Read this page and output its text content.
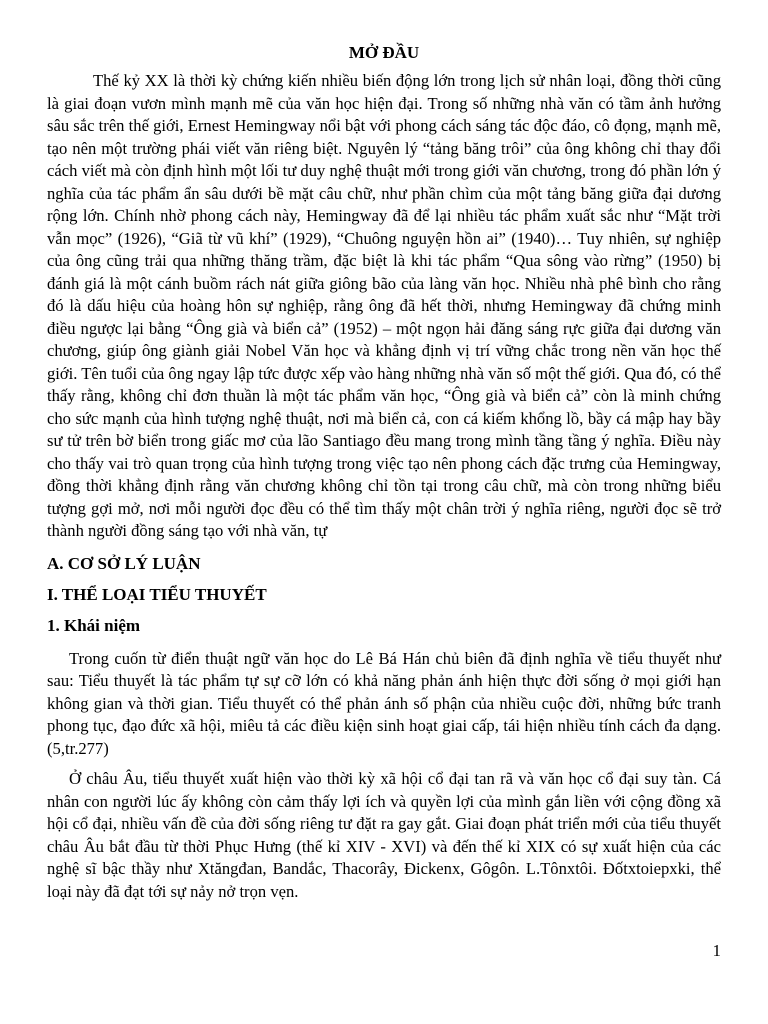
MỞ ĐẦU

Thế kỷ XX là thời kỳ chứng kiến nhiều biến động lớn trong lịch sử nhân loại, đồng thời cũng là giai đoạn vươn mình mạnh mẽ của văn học hiện đại. Trong số những nhà văn có tầm ảnh hưởng sâu sắc trên thế giới, Ernest Hemingway nổi bật với phong cách sáng tác độc đáo, cô đọng, mạnh mẽ, tạo nên một trường phái viết văn riêng biệt. Nguyên lý “tảng băng trôi” của ông không chỉ thay đổi cách viết mà còn định hình một lối tư duy nghệ thuật mới trong giới văn chương, trong đó phần lớn ý nghĩa của tác phẩm ẩn sâu dưới bề mặt câu chữ, như phần chìm của một tảng băng giữa đại dương rộng lớn. Chính nhờ phong cách này, Hemingway đã để lại nhiều tác phẩm xuất sắc như “Mặt trời vẫn mọc” (1926), “Giã từ vũ khí” (1929), “Chuông nguyện hồn ai” (1940)… Tuy nhiên, sự nghiệp của ông cũng trải qua những thăng trầm, đặc biệt là khi tác phẩm “Qua sông vào rừng” (1950) bị đánh giá là một cánh buồm rách nát giữa giông bão của làng văn học. Nhiều nhà phê bình cho rằng đó là dấu hiệu của hoàng hôn sự nghiệp, rằng ông đã hết thời, nhưng Hemingway đã chứng minh điều ngược lại bằng “Ông già và biển cả” (1952) – một ngọn hải đăng sáng rực giữa đại dương văn chương, giúp ông giành giải Nobel Văn học và khẳng định vị trí vững chắc trong nền văn học thế giới. Tên tuổi của ông ngay lập tức được xếp vào hàng những nhà văn số một thế giới. Qua đó, có thể thấy rằng, không chỉ đơn thuần là một tác phẩm văn học, “Ông già và biển cả” còn là minh chứng cho sức mạnh của hình tượng nghệ thuật, nơi mà biển cả, con cá kiếm khổng lồ, bầy cá mập hay bầy sư tử trên bờ biển trong giấc mơ của lão Santiago đều mang trong mình tầng tầng ý nghĩa. Điều này cho thấy vai trò quan trọng của hình tượng trong việc tạo nên phong cách đặc trưng của Hemingway, đồng thời khẳng định rằng văn chương không chỉ tồn tại trong câu chữ, mà còn trong những biểu tượng gợi mở, nơi mỗi người đọc đều có thể tìm thấy một chân trời ý nghĩa riêng, người đọc sẽ trở thành người đồng sáng tạo với nhà văn, tự

A. CƠ SỞ LÝ LUẬN
I. THỂ LOẠI TIỂU THUYẾT
1. Khái niệm

Trong cuốn từ điển thuật ngữ văn học do Lê Bá Hán chủ biên đã định nghĩa về tiểu thuyết như sau: Tiểu thuyết là tác phẩm tự sự cỡ lớn có khả năng phản ánh hiện thực đời sống ở mọi giới hạn không gian và thời gian. Tiểu thuyết có thể phản ánh số phận của nhiều cuộc đời, những bức tranh phong tục, đạo đức xã hội, miêu tả các điều kiện sinh hoạt giai cấp, tái hiện nhiều tính cách đa dạng. (5,tr.277)

Ở châu Âu, tiểu thuyết xuất hiện vào thời kỳ xã hội cổ đại tan rã và văn học cổ đại suy tàn. Cá nhân con người lúc ấy không còn cảm thấy lợi ích và quyền lợi của mình gắn liền với cộng đồng xã hội cổ đại, nhiều vấn đề của đời sống riêng tư đặt ra gay gắt. Giai đoạn phát triển mới của tiểu thuyết châu Âu bắt đầu từ thời Phục Hưng (thế kỉ XIV - XVI) và đến thế kỉ XIX có sự xuất hiện của các nghệ sĩ bậc thầy như Xtăngđan, Bandắc, Thacorây, Đickenx, Gôgôn. L.Tônxtôi. Đốtxtoiepxki, thể loại này đã đạt tới sự nảy nở trọn vẹn.

1
